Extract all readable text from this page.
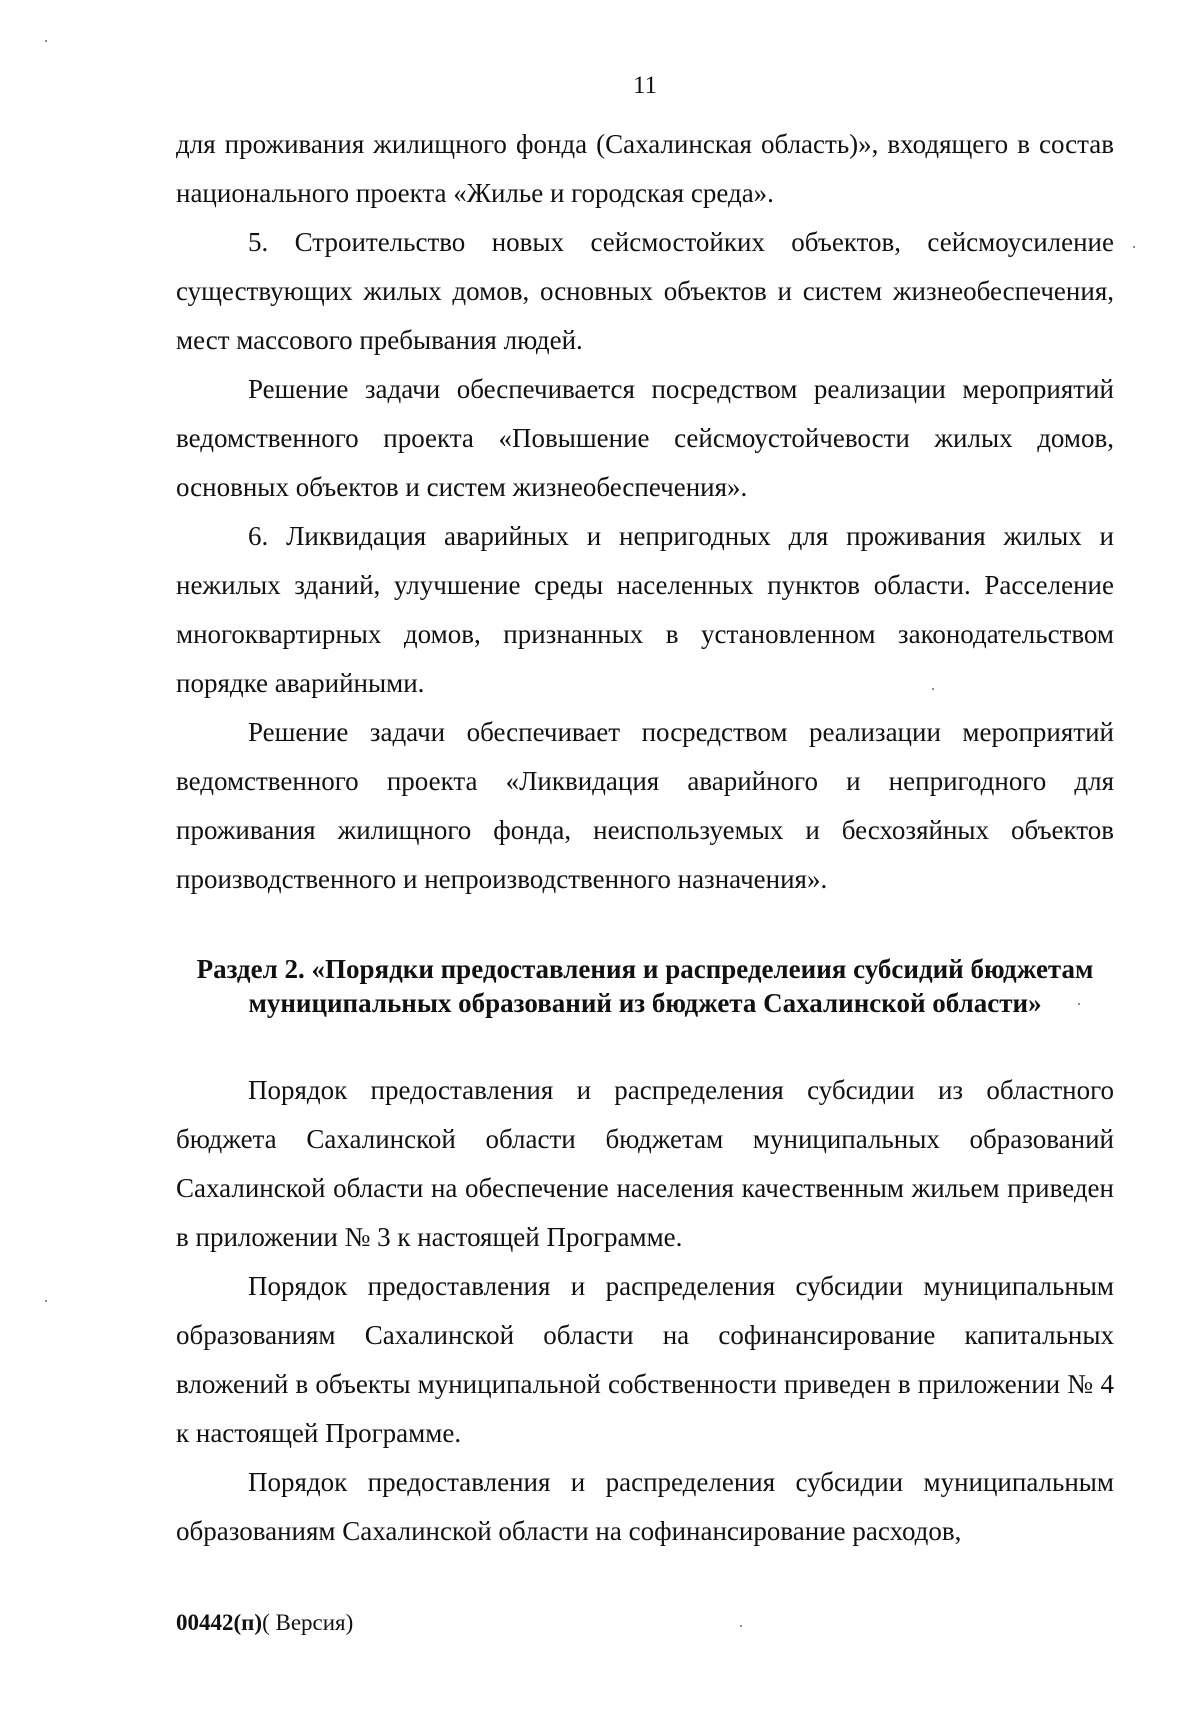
11

для проживания жилищного фонда (Сахалинская область)», входящего в состав национального проекта «Жилье и городская среда».

5. Строительство новых сейсмостойких объектов, сейсмоусиление существующих жилых домов, основных объектов и систем жизнеобеспечения, мест массового пребывания людей.

Решение задачи обеспечивается посредством реализации мероприятий ведомственного проекта «Повышение сейсмоустойчевости жилых домов, основных объектов и систем жизнеобеспечения».

6. Ликвидация аварийных и непригодных для проживания жилых и нежилых зданий, улучшение среды населенных пунктов области. Расселение многоквартирных домов, признанных в установленном законодательством порядке аварийными.

Решение задачи обеспечивает посредством реализации мероприятий ведомственного проекта «Ликвидация аварийного и непригодного для проживания жилищного фонда, неиспользуемых и бесхозяйных объектов производственного и непроизводственного назначения».

Раздел 2. «Порядки предоставления и распределеиия субсидий бюджетам
муниципальных образований из бюджета Сахалинской области»

Порядок предоставления и распределения субсидии из областного бюджета Сахалинской области бюджетам муниципальных образований Сахалинской области на обеспечение населения качественным жильем приведен в приложении № 3 к настоящей Программе.

Порядок предоставления и распределения субсидии муниципальным образованиям Сахалинской области на софинансирование капитальных вложений в объекты муниципальной собственности приведен в приложении № 4 к настоящей Программе.

Порядок предоставления и распределения субсидии муниципальным образованиям Сахалинской области на софинансирование расходов,

00442(п)( Версия)
